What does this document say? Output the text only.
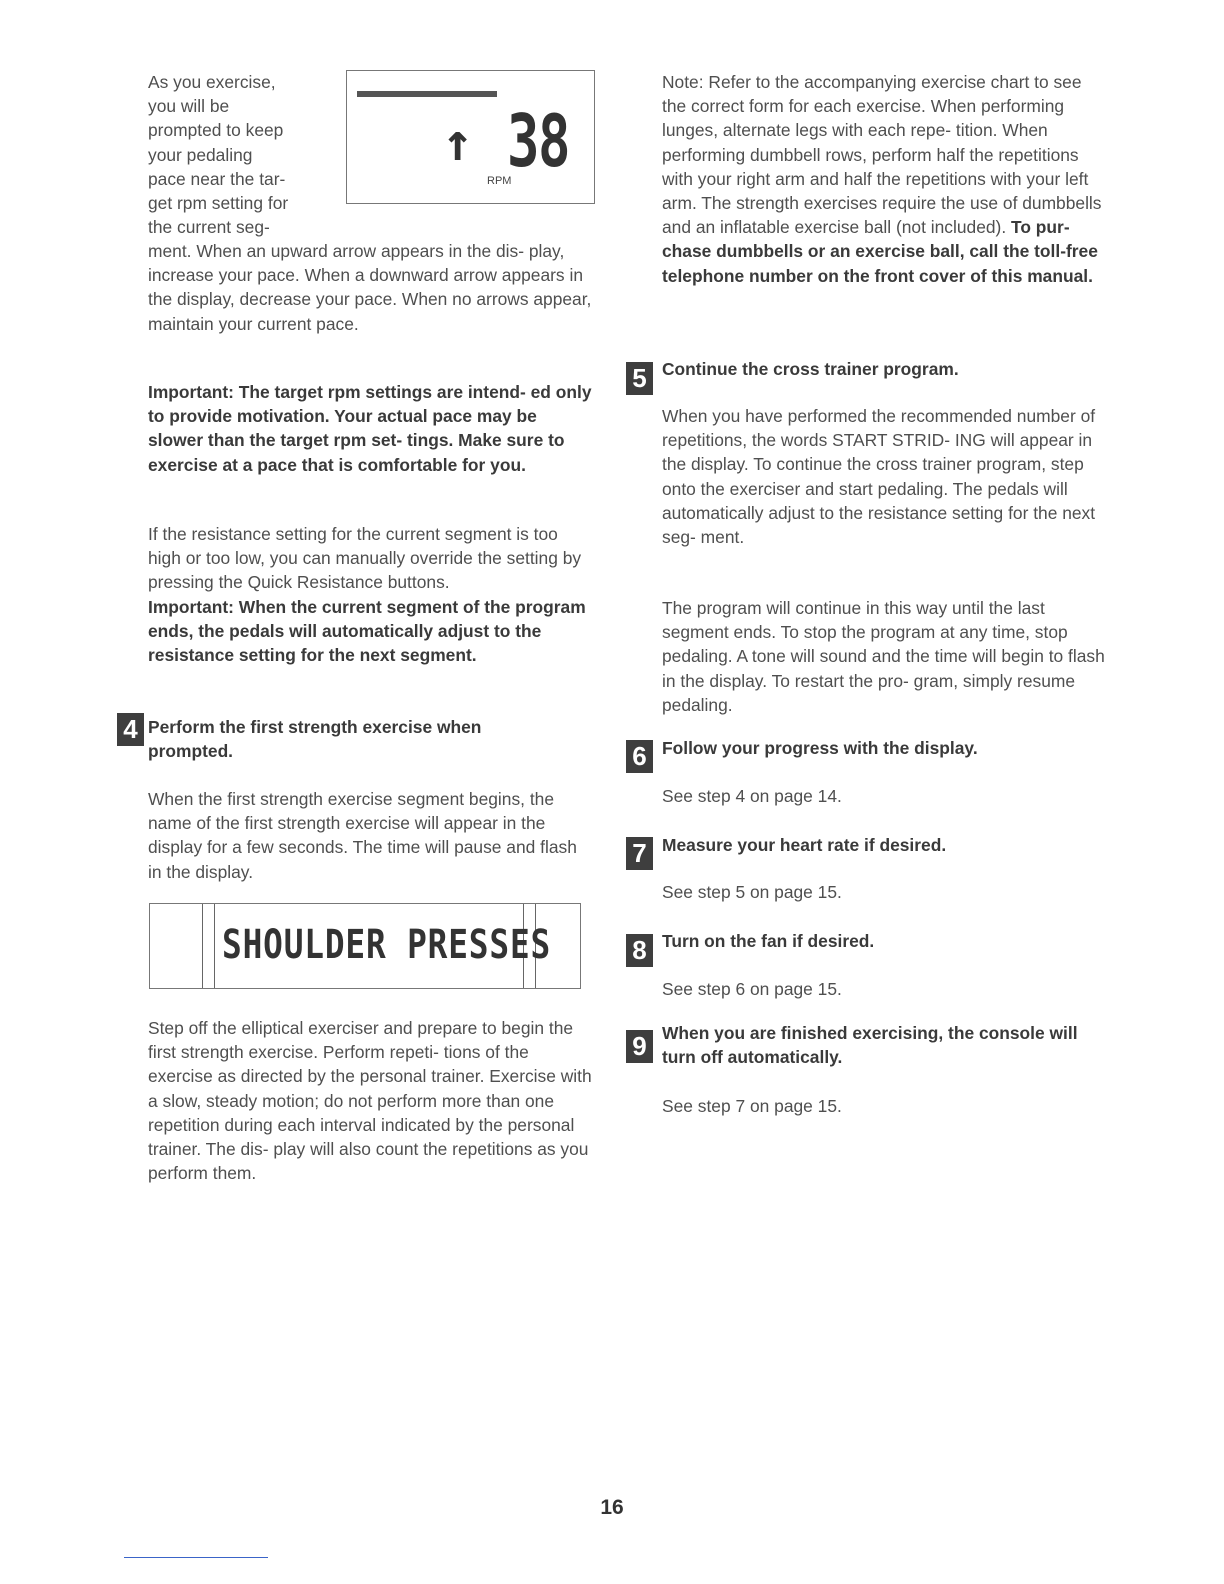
As you exercise,

you will be

prompted to keep

your pedaling

pace near the tar-

get rpm setting for

the current seg-

↑ 38
RPM

ment. When an upward arrow appears in the dis- play, increase your pace. When a downward arrow appears in the display, decrease your pace. When no arrows appear, maintain your current pace.

Important: The target rpm settings are intend- ed only to provide motivation. Your actual pace may be slower than the target rpm set- tings. Make sure to exercise at a pace that is comfortable for you.

If the resistance setting for the current segment is too high or too low, you can manually override the setting by pressing the Quick Resistance buttons.

Important: When the current segment of the program ends, the pedals will automatically adjust to the resistance setting for the next segment.

4 Perform the first strength exercise when prompted.

When the first strength exercise segment begins, the name of the first strength exercise will appear in the display for a few seconds. The time will pause and flash in the display.

SHOULDER PRESSES

Step off the elliptical exerciser and prepare to begin the first strength exercise. Perform repeti- tions of the exercise as directed by the personal trainer. Exercise with a slow, steady motion; do not perform more than one repetition during each interval indicated by the personal trainer. The dis- play will also count the repetitions as you perform them.

Note: Refer to the accompanying exercise chart to see the correct form for each exercise. When performing lunges, alternate legs with each repe- tition. When performing dumbbell rows, perform half the repetitions with your right arm and half the repetitions with your left arm. The strength exercises require the use of dumbbells and an inflatable exercise ball (not included). To pur- chase dumbbells or an exercise ball, call the toll-free telephone number on the front cover of this manual.

5 Continue the cross trainer program.

When you have performed the recommended number of repetitions, the words START STRID- ING will appear in the display. To continue the cross trainer program, step onto the exerciser and start pedaling. The pedals will automatically adjust to the resistance setting for the next seg- ment.

The program will continue in this way until the last segment ends. To stop the program at any time, stop pedaling. A tone will sound and the time will begin to flash in the display. To restart the pro- gram, simply resume pedaling.

6 Follow your progress with the display.

See step 4 on page 14.

7 Measure your heart rate if desired.

See step 5 on page 15.

8 Turn on the fan if desired.

See step 6 on page 15.

9 When you are finished exercising, the console will turn off automatically.

See step 7 on page 15.

16
